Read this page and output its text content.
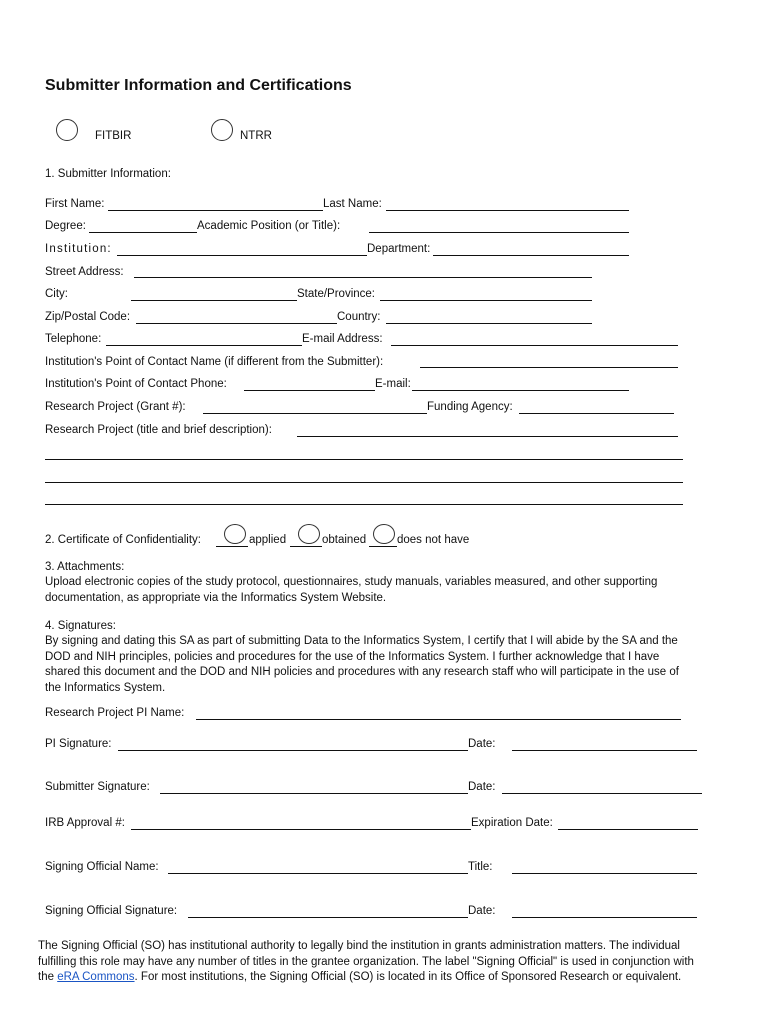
Submitter Information and Certifications
FITBIR	NTRR
1. Submitter Information:
First Name:	Last Name:
Degree:	Academic Position (or Title):
Institution:	Department:
Street Address:
City:	State/Province:
Zip/Postal Code:	Country:
Telephone:	E-mail Address:
Institution's Point of Contact Name (if different from the Submitter):
Institution's Point of Contact Phone:	E-mail:
Research Project (Grant #):	Funding Agency:
Research Project (title and brief description):
2. Certificate of Confidentiality:	applied	obtained	does not have
3. Attachments:
Upload electronic copies of the study protocol, questionnaires, study manuals, variables measured, and other supporting documentation, as appropriate via the Informatics System Website.
4. Signatures:
By signing and dating this SA as part of submitting Data to the Informatics System, I certify that I will abide by the SA and the DOD and NIH principles, policies and procedures for the use of the Informatics System. I further acknowledge that I have shared this document and the DOD and NIH policies and procedures with any research staff who will participate in the use of the Informatics System.
Research Project PI Name:
PI Signature:	Date:
Submitter Signature:	Date:
IRB Approval #:	Expiration Date:
Signing Official Name:	Title:
Signing Official Signature:	Date:
The Signing Official (SO) has institutional authority to legally bind the institution in grants administration matters. The individual fulfilling this role may have any number of titles in the grantee organization. The label "Signing Official" is used in conjunction with the eRA Commons. For most institutions, the Signing Official (SO) is located in its Office of Sponsored Research or equivalent.
